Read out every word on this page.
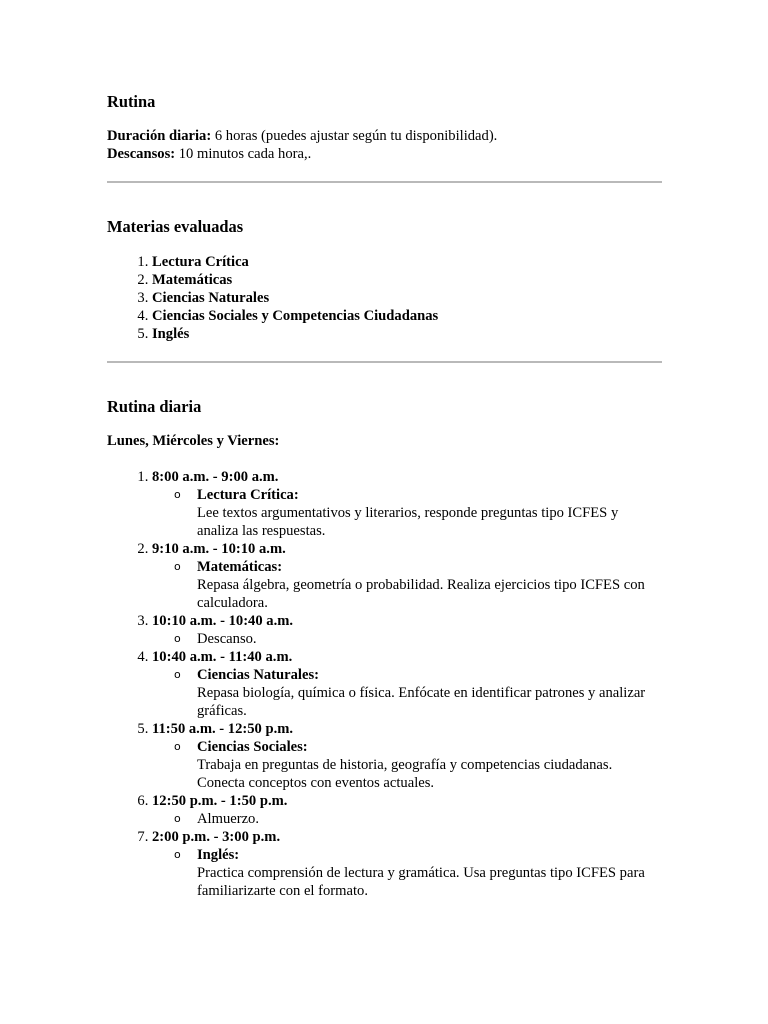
Rutina

Duración diaria: 6 horas (puedes ajustar según tu disponibilidad).

Descansos: 10 minutos cada hora,.

Materias evaluadas
1. Lectura Crítica
2. Matemáticas
3. Ciencias Naturales
4. Ciencias Sociales y Competencias Ciudadanas
5. Inglés
Rutina diaria

Lunes, Miércoles y Viernes:

1. 8:00 a.m. - 9:00 a.m.
o Lectura Crítica:
Lee textos argumentativos y literarios, responde preguntas tipo ICFES y analiza las respuestas.
2. 9:10 a.m. - 10:10 a.m.
o Matemáticas:
Repasa álgebra, geometría o probabilidad. Realiza ejercicios tipo ICFES con calculadora.
3. 10:10 a.m. - 10:40 a.m.
o Descanso.
4. 10:40 a.m. - 11:40 a.m.
o Ciencias Naturales:
Repasa biología, química o física. Enfócate en identificar patrones y analizar gráficas.
5. 11:50 a.m. - 12:50 p.m.
o Ciencias Sociales:
Trabaja en preguntas de historia, geografía y competencias ciudadanas. Conecta conceptos con eventos actuales.
6. 12:50 p.m. - 1:50 p.m.
o Almuerzo.
7. 2:00 p.m. - 3:00 p.m.
o Inglés:
Practica comprensión de lectura y gramática. Usa preguntas tipo ICFES para familiarizarte con el formato.
